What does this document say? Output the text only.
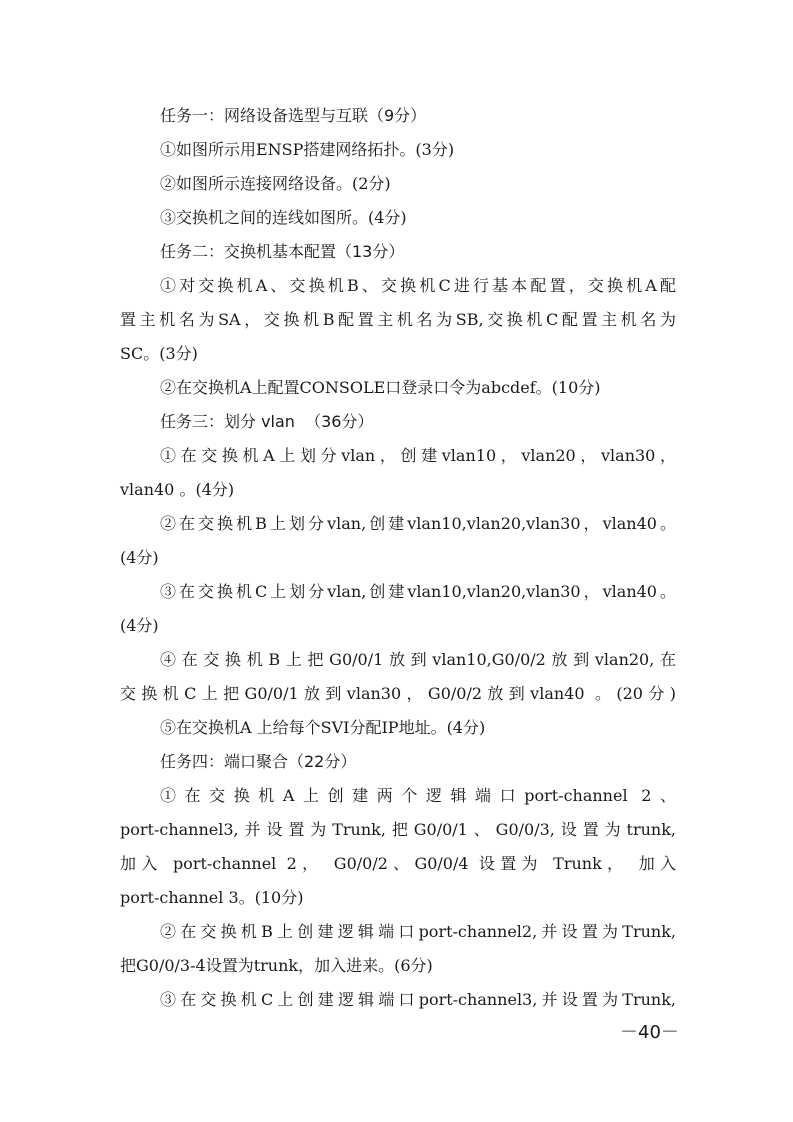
任务一：网络设备选型与互联（9分）
①如图所示用ENSP搭建网络拓扑。(3分)
②如图所示连接网络设备。(2分)
③交换机之间的连线如图所。(4分)
任务二：交换机基本配置（13分）
①对交换机A、交换机B、交换机C进行基本配置，交换机A配
置主机名为SA，交换机B配置主机名为SB,交换机C配置主机名为
SC。(3分)
②在交换机A上配置CONSOLE口登录口令为abcdef。(10分)
任务三：划分 vlan  （36分）
①在交换机A上划分vlan，创建vlan10，vlan20，vlan30，
vlan40 。(4分)
②在交换机B上划分vlan,创建vlan10,vlan20,vlan30，vlan40。
(4分)
③在交换机C上划分vlan,创建vlan10,vlan20,vlan30，vlan40。
(4分)
④在交换机B上把G0/0/1放到vlan10,G0/0/2放到vlan20,在
交换机C上把G0/0/1放到vlan30，G0/0/2放到vlan40 。(20分)
⑤在交换机A 上给每个SVI分配IP地址。(4分)
任务四：端口聚合（22分）
①在交换机A上创建两个逻辑端口port-channel 2、
port-channel3,并设置为Trunk,把G0/0/1、G0/0/3,设置为trunk,
加入 port-channel 2， G0/0/2、G0/0/4 设置为 Trunk， 加入
port-channel 3。(10分)
②在交换机B上创建逻辑端口port-channel2,并设置为Trunk,
把G0/0/3-4设置为trunk，加入进来。(6分)
③在交换机C上创建逻辑端口port-channel3,并设置为Trunk,
－40－
